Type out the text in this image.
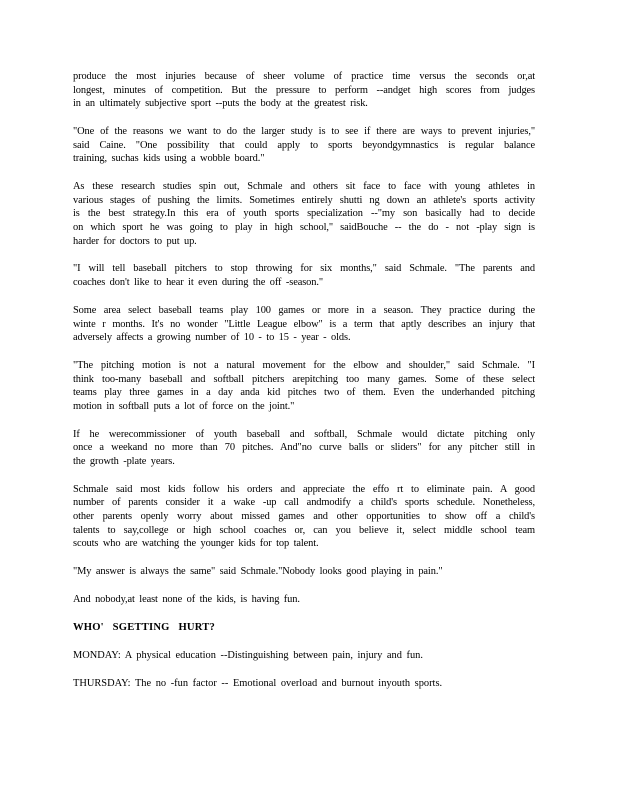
produce the most injuries because of sheer volume of practice time versus the seconds or,at
longest, minutes of competition. But the pressure to perform --andget high scores from judges
in an ultimately subjective sport --puts the body at the greatest risk.
"One of the reasons we want to do the larger study is to see if there are ways to prevent injuries,"
said Caine. "One possibility that could apply to sports beyondgymnastics is regular balance
training, suchas kids using a wobble board."
As these research studies spin out, Schmale and others sit face to face with young athletes in
various stages of pushing the limits. Sometimes entirely shutti ng down an athlete's sports activity
is the best strategy.In this era of youth sports specialization --"my son basically had to decide
on which sport he was going to play in high school," saidBouche -- the do - not -play sign is
harder for doctors to put up.
"I will tell baseball pitchers to stop throwing for six months," said Schmale. "The parents and
coaches don't like to hear it even during the off -season."
Some area select baseball teams play 100 games or more in a season. They practice during the
winte r months. It's no wonder "Little League elbow" is a term that aptly describes an injury that
adversely affects a growing number of 10 - to 15 - year - olds.
"The pitching motion is not a natural movement for the elbow and shoulder," said Schmale. "I
think too-many baseball and softball pitchers arepitching too many games. Some of these select
teams play three games in a day anda kid pitches two of them. Even the underhanded pitching
motion in softball puts a lot of force on the joint."
If he werecommissioner of youth baseball and softball, Schmale would dictate pitching only
once a weekand no more than 70 pitches. And"no curve balls or sliders" for any pitcher still in
the growth -plate years.
Schmale said most kids follow his orders and appreciate the effo rt to eliminate pain. A good
number of parents consider it a wake -up call andmodify a child's sports schedule. Nonetheless,
other parents openly worry about missed games and other opportunities to show off a child's
talents to say,college or high school coaches or, can you believe it, select middle school team
scouts who are watching the younger kids for top talent.
"My answer is always the same" said Schmale."Nobody looks good playing in pain."
And nobody,at least none of the kids, is having fun.
WHO' SGETTING HURT?
MONDAY: A physical education --Distinguishing between pain, injury and fun.
THURSDAY: The no -fun factor -- Emotional overload and burnout inyouth sports.
